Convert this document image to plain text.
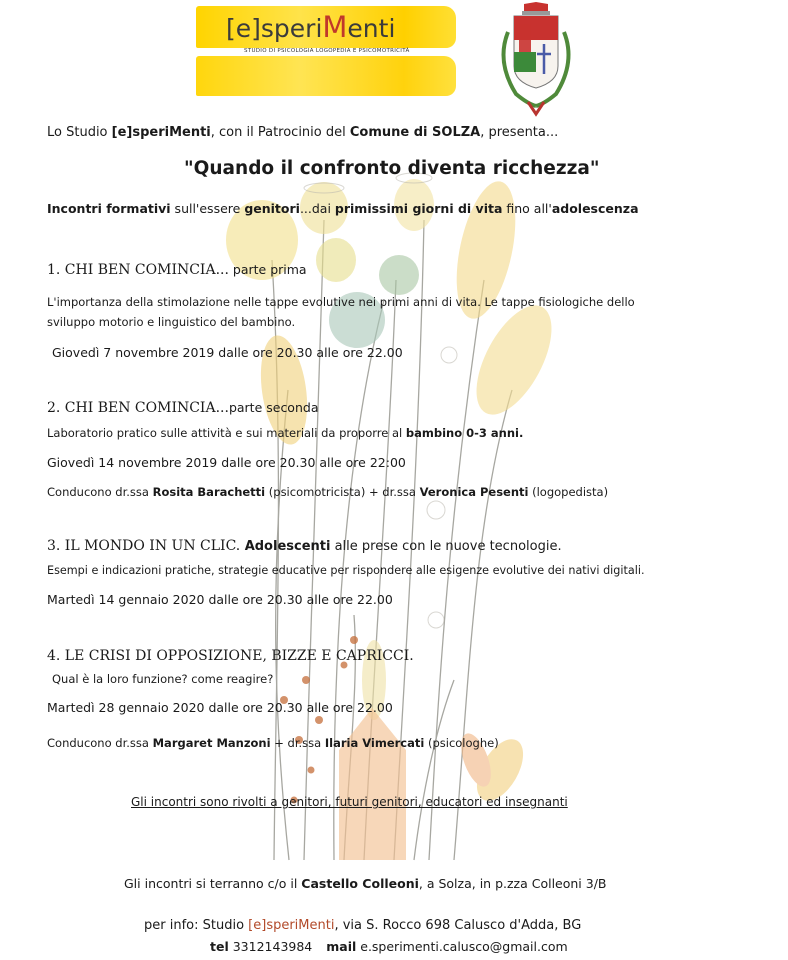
[e]speriMenti
STUDIO DI PSICOLOGIA LOGOPEDIA E PSICOMOTRICITÀ
Lo Studio [e]speriMenti, con il Patrocinio del Comune di SOLZA, presenta...
"Quando il confronto diventa ricchezza"
Incontri formativi sull'essere genitori...dai primissimi giorni di vita fino all'adolescenza
1. CHI BEN COMINCIA... parte prima
L'importanza della stimolazione nelle tappe evolutive nei primi anni di vita. Le tappe fisiologiche dello
sviluppo motorio e linguistico del bambino.
Giovedì 7 novembre 2019 dalle ore 20.30 alle ore 22.00
2. CHI BEN COMINCIA...parte seconda
Laboratorio pratico sulle attività e sui materiali da proporre al bambino 0-3 anni.
Giovedì 14 novembre 2019 dalle ore 20.30 alle ore 22:00
Conducono dr.ssa Rosita Barachetti (psicomotricista) + dr.ssa Veronica Pesenti (logopedista)
3. IL MONDO IN UN CLIC. Adolescenti alle prese con le nuove tecnologie.
Esempi e indicazioni pratiche, strategie educative per rispondere alle esigenze evolutive dei nativi digitali.
Martedì 14 gennaio 2020 dalle ore 20.30 alle ore 22.00
4. LE CRISI DI OPPOSIZIONE, BIZZE E CAPRICCI.
Qual è la loro funzione? come reagire?
Martedì 28 gennaio 2020 dalle ore 20.30 alle ore 22.00
Conducono dr.ssa Margaret Manzoni + dr.ssa Ilaria Vimercati (psicologhe)
Gli incontri sono rivolti a genitori, futuri genitori, educatori ed insegnanti
Gli incontri si terranno c/o il Castello Colleoni, a Solza, in p.zza Colleoni 3/B
per info: Studio [e]speriMenti, via S. Rocco 698 Calusco d'Adda, BG
tel 3312143984 mail e.sperimenti.calusco@gmail.com
